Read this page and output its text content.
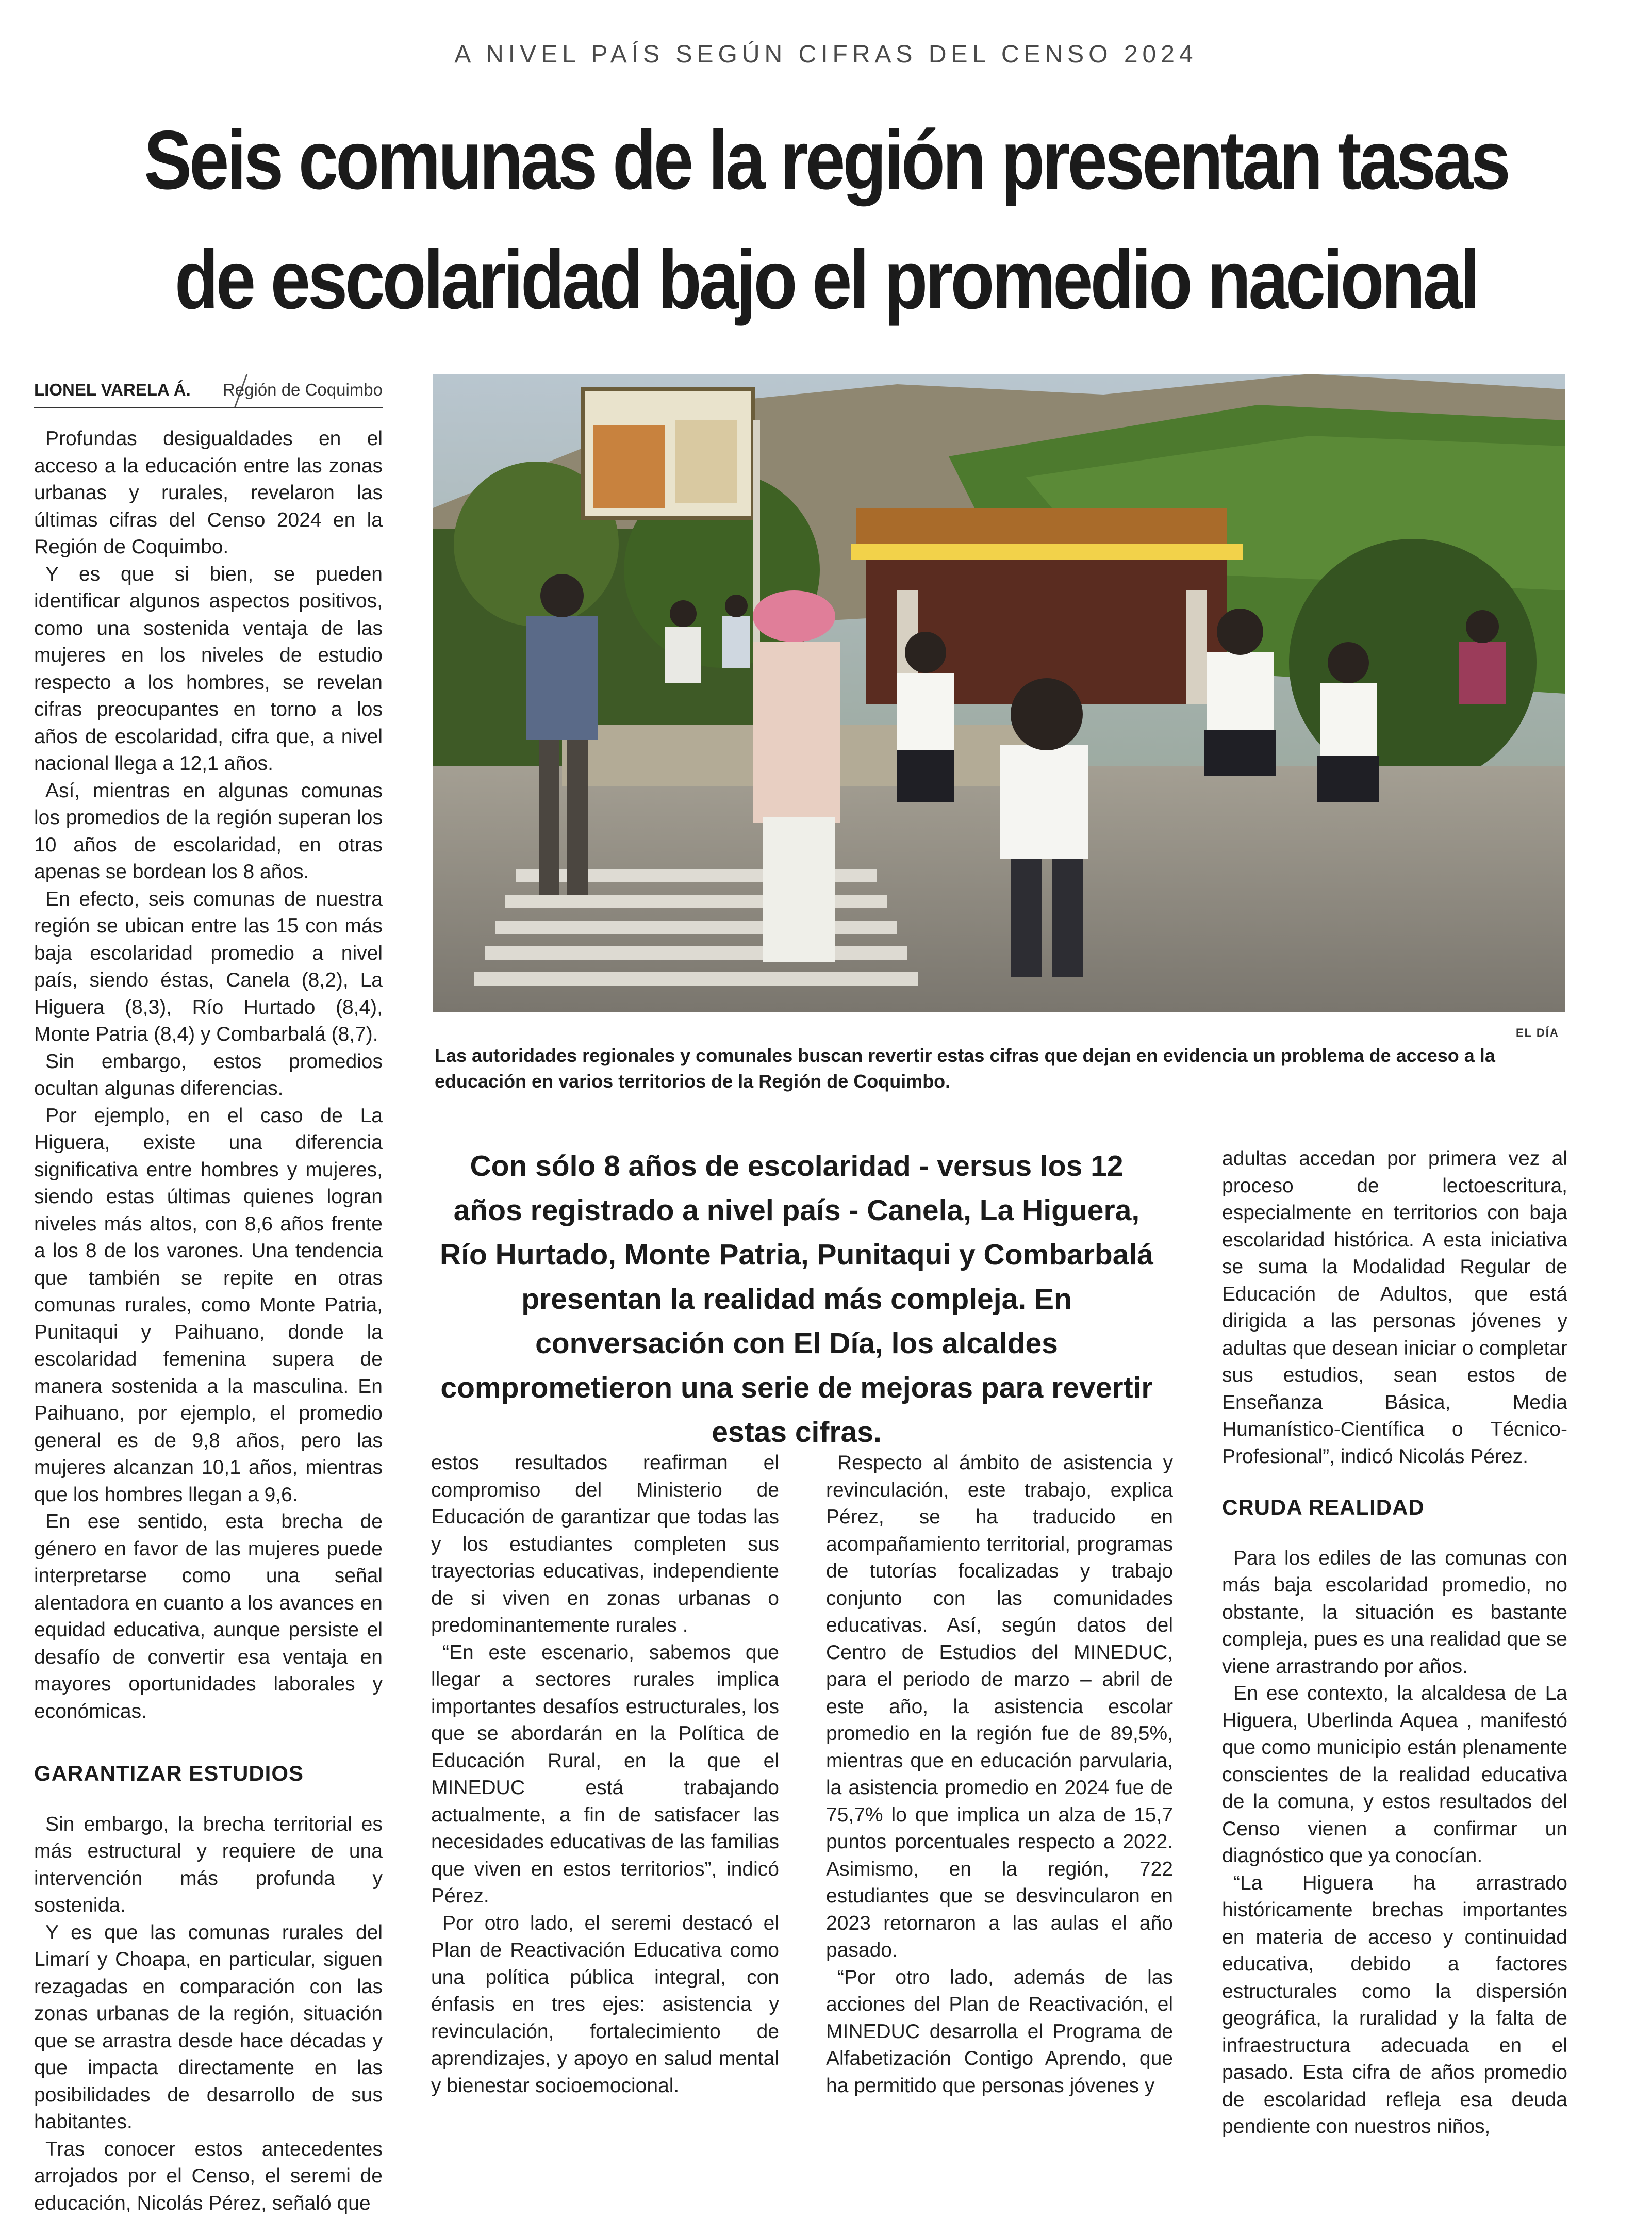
A NIVEL PAÍS SEGÚN CIFRAS DEL CENSO 2024
Seis comunas de la región presentan tasas
de escolaridad bajo el promedio nacional
LIONEL VARELA Á. Región de Coquimbo

Profundas desigualdades en el acceso a la educación entre las zonas urbanas y rurales, revelaron las últimas cifras del Censo 2024 en la Región de Coquimbo.

Y es que si bien, se pueden identificar algunos aspectos positivos, como una sostenida ventaja de las mujeres en los niveles de estudio respecto a los hombres, se revelan cifras preocupantes en torno a los años de escolaridad, cifra que, a nivel nacional llega a 12,1 años.

Así, mientras en algunas comunas los promedios de la región superan los 10 años de escolaridad, en otras apenas se bordean los 8 años.

En efecto, seis comunas de nuestra región se ubican entre las 15 con más baja escolaridad promedio a nivel país, siendo éstas, Canela (8,2), La Higuera (8,3), Río Hurtado (8,4), Monte Patria (8,4) y Combarbalá (8,7).

Sin embargo, estos promedios ocultan algunas diferencias.

Por ejemplo, en el caso de La Higuera, existe una diferencia significativa entre hombres y mujeres, siendo estas últimas quienes logran niveles más altos, con 8,6 años frente a los 8 de los varones. Una tendencia que también se repite en otras comunas rurales, como Monte Patria, Punitaqui y Paihuano, donde la escolaridad femenina supera de manera sostenida a la masculina. En Paihuano, por ejemplo, el promedio general es de 9,8 años, pero las mujeres alcanzan 10,1 años, mientras que los hombres llegan a 9,6.

En ese sentido, esta brecha de género en favor de las mujeres puede interpretarse como una señal alentadora en cuanto a los avances en equidad educativa, aunque persiste el desafío de convertir esa ventaja en mayores oportunidades laborales y económicas.

GARANTIZAR ESTUDIOS

Sin embargo, la brecha territorial es más estructural y requiere de una intervención más profunda y sostenida.

Y es que las comunas rurales del Limarí y Choapa, en particular, siguen rezagadas en comparación con las zonas urbanas de la región, situación que se arrastra desde hace décadas y que impacta directamente en las posibilidades de desarrollo de sus habitantes.

Tras conocer estos antecedentes arrojados por el Censo, el seremi de educación, Nicolás Pérez, señaló que

EL DÍA
Las autoridades regionales y comunales buscan revertir estas cifras que dejan en evidencia un problema de acceso a la educación en varios territorios de la Región de Coquimbo.
Con sólo 8 años de escolaridad - versus los 12 años registrado a nivel país - Canela, La Higuera, Río Hurtado, Monte Patria, Punitaqui y Combarbalá presentan la realidad más compleja. En conversación con El Día, los alcaldes comprometieron una serie de mejoras para revertir estas cifras.

estos resultados reafirman el compromiso del Ministerio de Educación de garantizar que todas las y los estudiantes completen sus trayectorias educativas, independiente de si viven en zonas urbanas o predominantemente rurales .

“En este escenario, sabemos que llegar a sectores rurales implica importantes desafíos estructurales, los que se abordarán en la Política de Educación Rural, en la que el MINEDUC está trabajando actualmente, a fin de satisfacer las necesidades educativas de las familias que viven en estos territorios”, indicó Pérez.

Por otro lado, el seremi destacó el Plan de Reactivación Educativa como una política pública integral, con énfasis en tres ejes: asistencia y revinculación, fortalecimiento de aprendizajes, y apoyo en salud mental y bienestar socioemocional.

Respecto al ámbito de asistencia y revinculación, este trabajo, explica Pérez, se ha traducido en acompañamiento territorial, programas de tutorías focalizadas y trabajo conjunto con las comunidades educativas. Así, según datos del Centro de Estudios del MINEDUC, para el periodo de marzo – abril de este año, la asistencia escolar promedio en la región fue de 89,5%, mientras que en educación parvularia, la asistencia promedio en 2024 fue de 75,7% lo que implica un alza de 15,7 puntos porcentuales respecto a 2022. Asimismo, en la región, 722 estudiantes que se desvincularon en 2023 retornaron a las aulas el año pasado.

“Por otro lado, además de las acciones del Plan de Reactivación, el MINEDUC desarrolla el Programa de Alfabetización Contigo Aprendo, que ha permitido que personas jóvenes y

adultas accedan por primera vez al proceso de lectoescritura, especialmente en territorios con baja escolaridad histórica. A esta iniciativa se suma la Modalidad Regular de Educación de Adultos, que está dirigida a las personas jóvenes y adultas que desean iniciar o completar sus estudios, sean estos de Enseñanza Básica, Media Humanístico-Científica o Técnico-Profesional”, indicó Nicolás Pérez.

CRUDA REALIDAD

Para los ediles de las comunas con más baja escolaridad promedio, no obstante, la situación es bastante compleja, pues es una realidad que se viene arrastrando por años.

En ese contexto, la alcaldesa de La Higuera, Uberlinda Aquea , manifestó que como municipio están plenamente conscientes de la realidad educativa de la comuna, y estos resultados del Censo vienen a confirmar un diagnóstico que ya conocían.

“La Higuera ha arrastrado históricamente brechas importantes en materia de acceso y continuidad educativa, debido a factores estructurales como la dispersión geográfica, la ruralidad y la falta de infraestructura adecuada en el pasado. Esta cifra de años promedio de escolaridad refleja esa deuda pendiente con nuestros niños,
